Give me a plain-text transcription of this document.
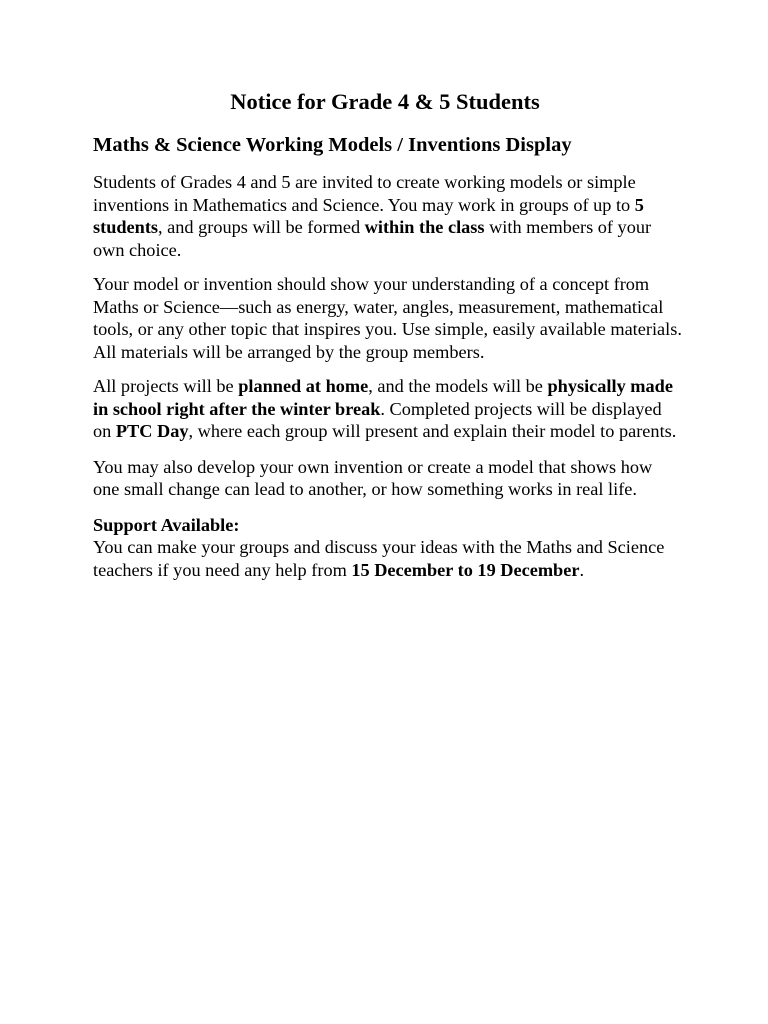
Notice for Grade 4 & 5 Students
Maths & Science Working Models / Inventions Display

Students of Grades 4 and 5 are invited to create working models or simple inventions in Mathematics and Science. You may work in groups of up to 5 students, and groups will be formed within the class with members of your own choice.

Your model or invention should show your understanding of a concept from Maths or Science—such as energy, water, angles, measurement, mathematical tools, or any other topic that inspires you. Use simple, easily available materials. All materials will be arranged by the group members.

All projects will be planned at home, and the models will be physically made in school right after the winter break. Completed projects will be displayed on PTC Day, where each group will present and explain their model to parents.

You may also develop your own invention or create a model that shows how one small change can lead to another, or how something works in real life.

Support Available:
You can make your groups and discuss your ideas with the Maths and Science teachers if you need any help from 15 December to 19 December.
